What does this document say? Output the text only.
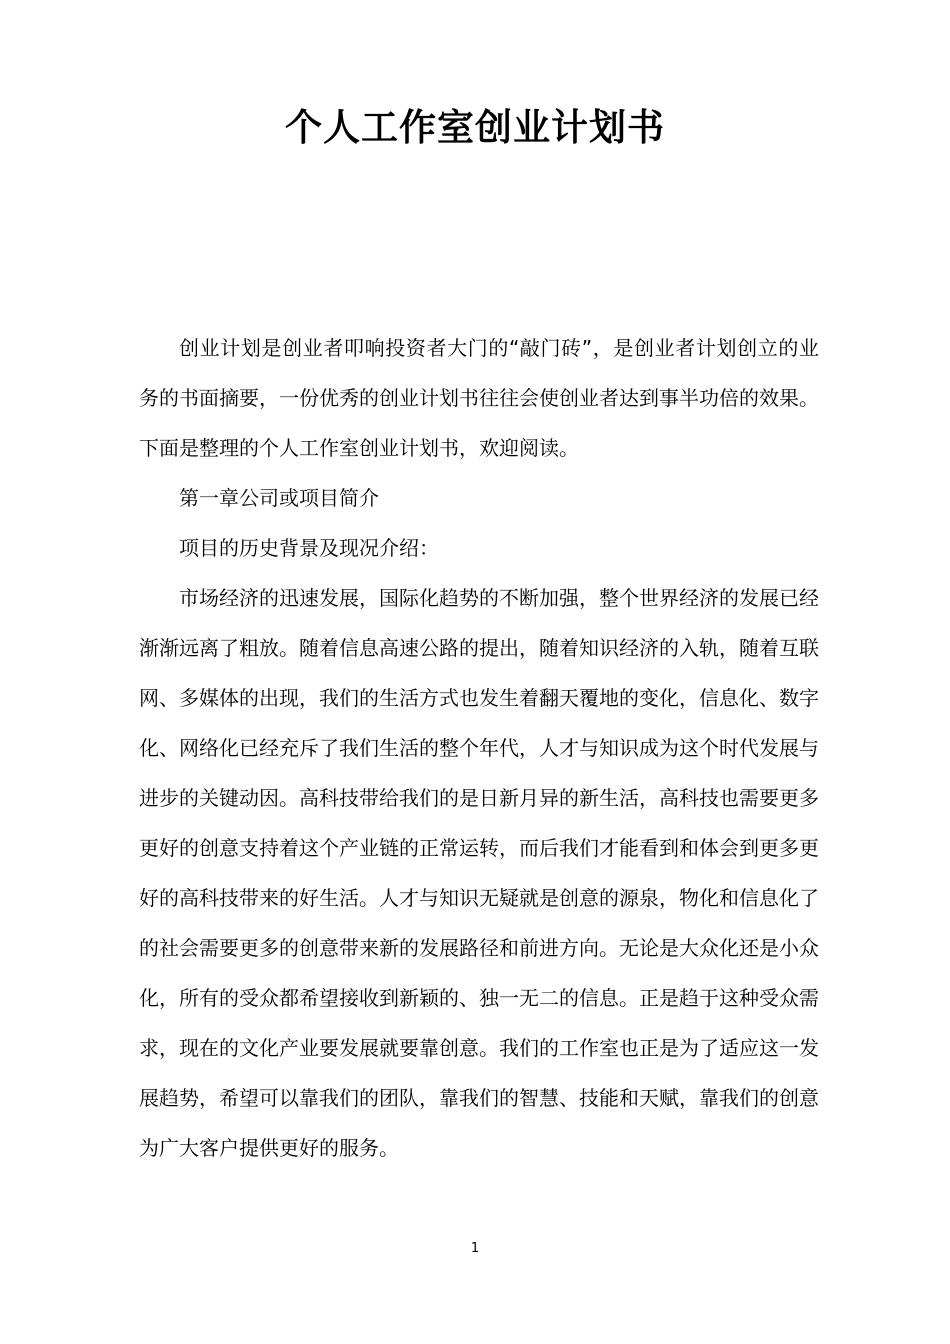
个人工作室创业计划书

创业计划是创业者叩响投资者大门的“敲门砖”，是创业者计划创立的业务的书面摘要，一份优秀的创业计划书往往会使创业者达到事半功倍的效果。下面是整理的个人工作室创业计划书，欢迎阅读。

第一章公司或项目简介

项目的历史背景及现况介绍：

市场经济的迅速发展，国际化趋势的不断加强，整个世界经济的发展已经渐渐远离了粗放。随着信息高速公路的提出，随着知识经济的入轨，随着互联网、多媒体的出现，我们的生活方式也发生着翻天覆地的变化，信息化、数字化、网络化已经充斥了我们生活的整个年代，人才与知识成为这个时代发展与进步的关键动因。高科技带给我们的是日新月异的新生活，高科技也需要更多更好的创意支持着这个产业链的正常运转，而后我们才能看到和体会到更多更好的高科技带来的好生活。人才与知识无疑就是创意的源泉，物化和信息化了的社会需要更多的创意带来新的发展路径和前进方向。无论是大众化还是小众化，所有的受众都希望接收到新颖的、独一无二的信息。正是趋于这种受众需求，现在的文化产业要发展就要靠创意。我们的工作室也正是为了适应这一发展趋势，希望可以靠我们的团队，靠我们的智慧、技能和天赋，靠我们的创意为广大客户提供更好的服务。

1
